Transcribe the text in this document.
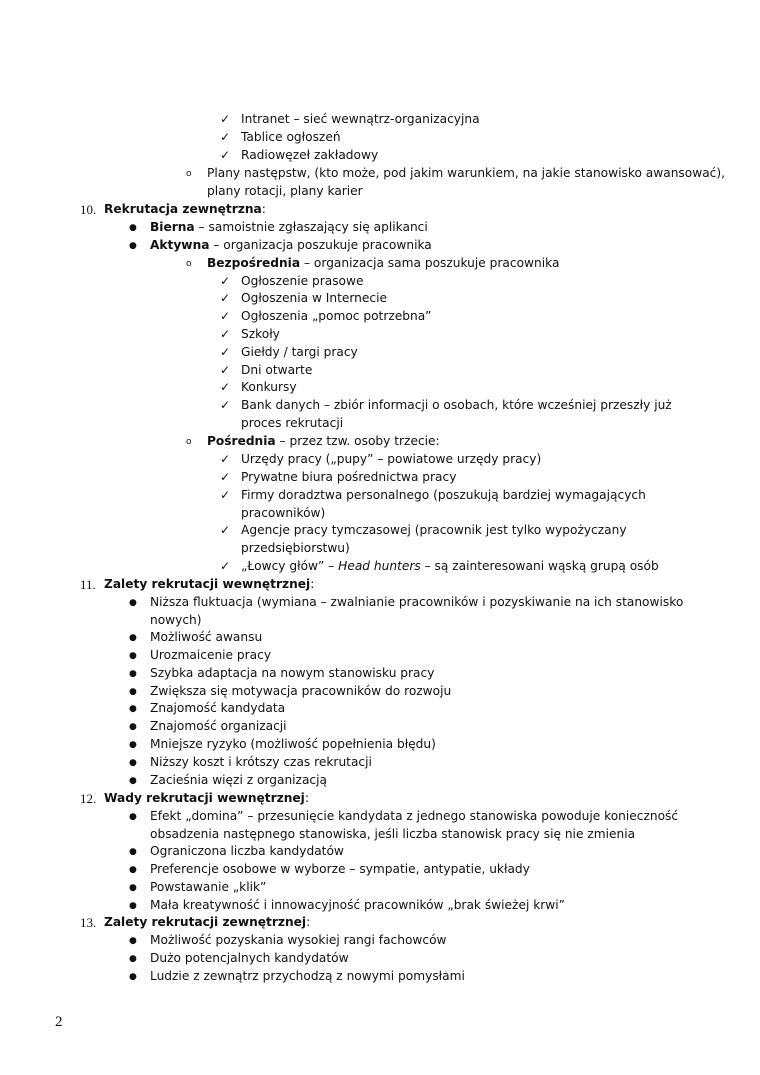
✓ Intranet – sieć wewnątrz-organizacyjna
✓ Tablice ogłoszeń
✓ Radiowęzeł zakładowy
o Plany następstw, (kto może, pod jakim warunkiem, na jakie stanowisko awansować),
plany rotacji, plany karier
10. Rekrutacja zewnętrzna:
● Bierna – samoistnie zgłaszający się aplikanci
● Aktywna – organizacja poszukuje pracownika
o Bezpośrednia – organizacja sama poszukuje pracownika
✓ Ogłoszenie prasowe
✓ Ogłoszenia w Internecie
✓ Ogłoszenia „pomoc potrzebna”
✓ Szkoły
✓ Giełdy / targi pracy
✓ Dni otwarte
✓ Konkursy
✓ Bank danych – zbiór informacji o osobach, które wcześniej przeszły już
proces rekrutacji
o Pośrednia – przez tzw. osoby trzecie:
✓ Urzędy pracy („pupy” – powiatowe urzędy pracy)
✓ Prywatne biura pośrednictwa pracy
✓ Firmy doradztwa personalnego (poszukują bardziej wymagających
pracowników)
✓ Agencje pracy tymczasowej (pracownik jest tylko wypożyczany
przedsiębiorstwu)
✓ „Łowcy głów” – Head hunters – są zainteresowani wąską grupą osób
11. Zalety rekrutacji wewnętrznej:
● Niższa fluktuacja (wymiana – zwalnianie pracowników i pozyskiwanie na ich stanowisko
nowych)
● Możliwość awansu
● Urozmaicenie pracy
● Szybka adaptacja na nowym stanowisku pracy
● Zwiększa się motywacja pracowników do rozwoju
● Znajomość kandydata
● Znajomość organizacji
● Mniejsze ryzyko (możliwość popełnienia błędu)
● Niższy koszt i krótszy czas rekrutacji
● Zacieśnia więzi z organizacją
12. Wady rekrutacji wewnętrznej:
● Efekt „domina” – przesunięcie kandydata z jednego stanowiska powoduje konieczność
obsadzenia następnego stanowiska, jeśli liczba stanowisk pracy się nie zmienia
● Ograniczona liczba kandydatów
● Preferencje osobowe w wyborze – sympatie, antypatie, układy
● Powstawanie „klik”
● Mała kreatywność i innowacyjność pracowników „brak świeżej krwi”
13. Zalety rekrutacji zewnętrznej:
● Możliwość pozyskania wysokiej rangi fachowców
● Dużo potencjalnych kandydatów
● Ludzie z zewnątrz przychodzą z nowymi pomysłami
2
